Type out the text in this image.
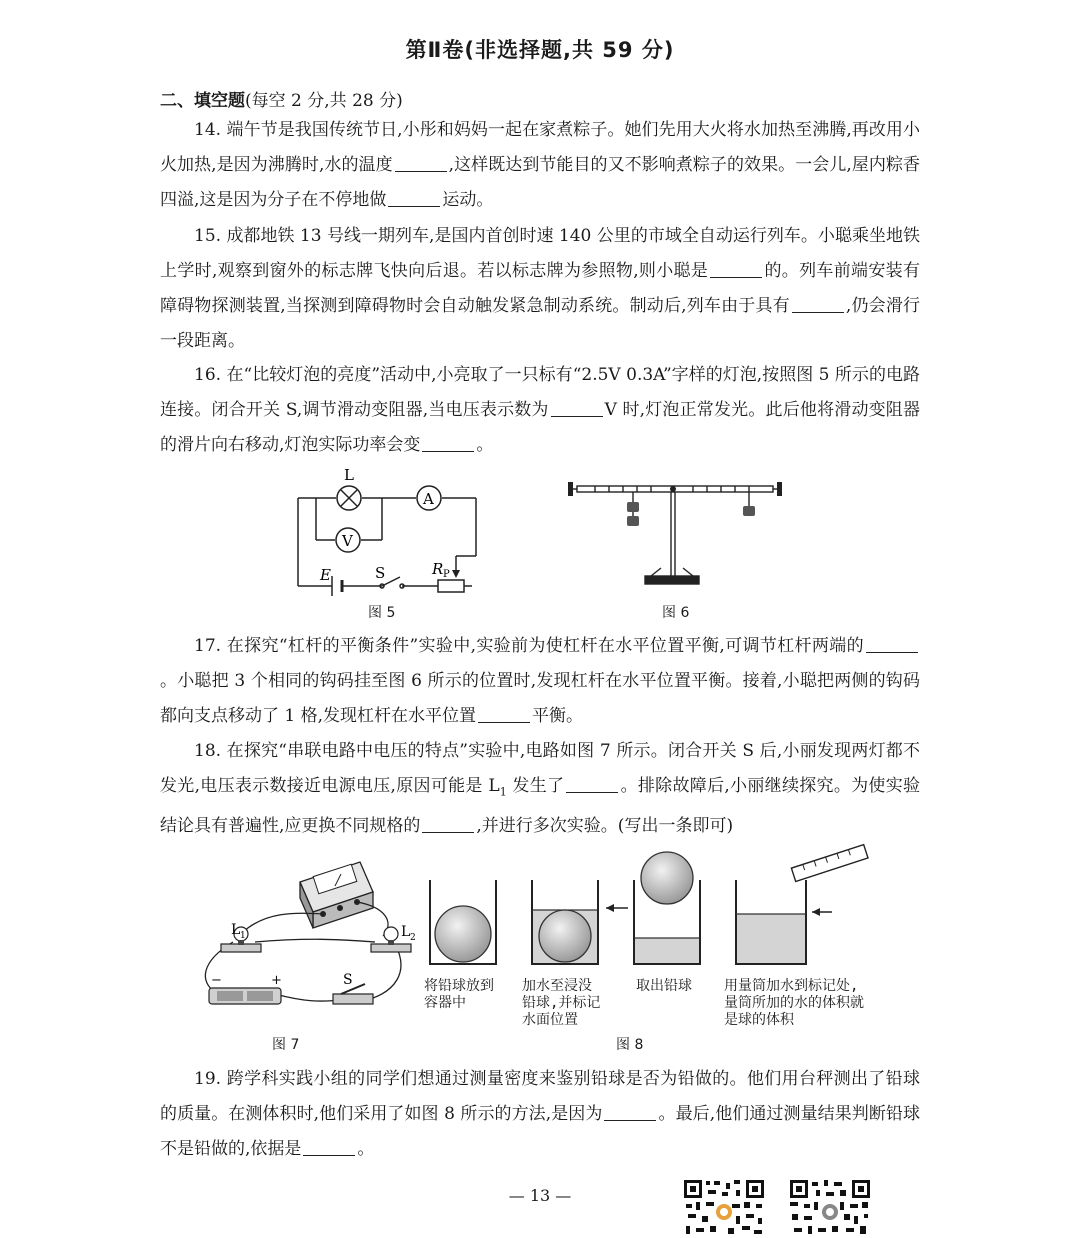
第Ⅱ卷(非选择题,共 59 分)
二、填空题(每空 2 分,共 28 分)

14. 端午节是我国传统节日,小彤和妈妈一起在家煮粽子。她们先用大火将水加热至沸腾,再改用小火加热,是因为沸腾时,水的温度	,这样既达到节能目的又不影响煮粽子的效果。一会儿,屋内粽香四溢,这是因为分子在不停地做	运动。

15. 成都地铁 13 号线一期列车,是国内首创时速 140 公里的市域全自动运行列车。小聪乘坐地铁上学时,观察到窗外的标志牌飞快向后退。若以标志牌为参照物,则小聪是	的。列车前端安装有障碍物探测装置,当探测到障碍物时会自动触发紧急制动系统。制动后,列车由于具有	,仍会滑行一段距离。

16. 在“比较灯泡的亮度”活动中,小亮取了一只标有“2.5V 0.3A”字样的灯泡,按照图 5 所示的电路连接。闭合开关 S,调节滑动变阻器,当电压表示数为	V 时,灯泡正常发光。此后他将滑动变阻器的滑片向右移动,灯泡实际功率会变	。

L
A
V
E	S	R P
图 5	图 6

17. 在探究“杠杆的平衡条件”实验中,实验前为使杠杆在水平位置平衡,可调节杠杆两端的。小聪把 3 个相同的钩码挂至图 6 所示的位置时,发现杠杆在水平位置平衡。接着,小聪把两侧的钩码都向支点移动了 1 格,发现杠杆在水平位置	平衡。

18. 在探究“串联电路中电压的特点”实验中,电路如图 7 所示。闭合开关 S 后,小丽发现两灯都不发光,电压表示数接近电源电压,原因可能是 $L_1$ 发生了	。排除故障后,小丽继续探究。为使实验结论具有普遍性,应更换不同规格的	,并进行多次实验。(写出一条即可)

L 1	L 2
S
−	+
图 7
将铅球放到
容器中
加水至浸没
铅球,并标记
水面位置
取出铅球 用量筒加水到标记处,
量筒所加的水的体积就
是球的体积
图 8

19. 跨学科实践小组的同学们想通过测量密度来鉴别铅球是否为铅做的。他们用台秤测出了铅球的质量。在测体积时,他们采用了如图 8 所示的方法,是因为	。最后,他们通过测量结果判断铅球不是铅做的,依据是	。

— 13 —
